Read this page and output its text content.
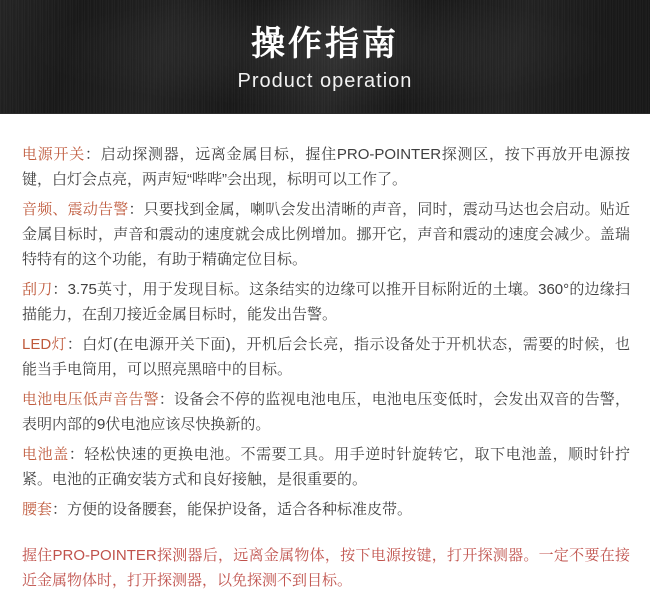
操作指南
Product operation

电源开关：启动探测器，远离金属目标，握住PRO-POINTER探测区，按下再放开电源按键，白灯会点亮，两声短“哔哔”会出现，标明可以工作了。

音频、震动告警：只要找到金属，喇叭会发出清晰的声音，同时，震动马达也会启动。贴近金属目标时，声音和震动的速度就会成比例增加。挪开它，声音和震动的速度会减少。盖瑞特特有的这个功能，有助于精确定位目标。

刮刀：3.75英寸，用于发现目标。这条结实的边缘可以推开目标附近的土壤。360°的边缘扫描能力，在刮刀接近金属目标时，能发出告警。

LED灯：白灯(在电源开关下面)，开机后会长亮，指示设备处于开机状态，需要的时候，也能当手电筒用，可以照亮黑暗中的目标。

电池电压低声音告警：设备会不停的监视电池电压，电池电压变低时，会发出双音的告警，表明内部的9伏电池应该尽快换新的。

电池盖：轻松快速的更换电池。不需要工具。用手逆时针旋转它，取下电池盖，顺时针拧紧。电池的正确安装方式和良好接触，是很重要的。

腰套：方便的设备腰套，能保护设备，适合各种标准皮带。

握住PRO-POINTER探测器后，远离金属物体，按下电源按键，打开探测器。一定不要在接近金属物体时，打开探测器，以免探测不到目标。
